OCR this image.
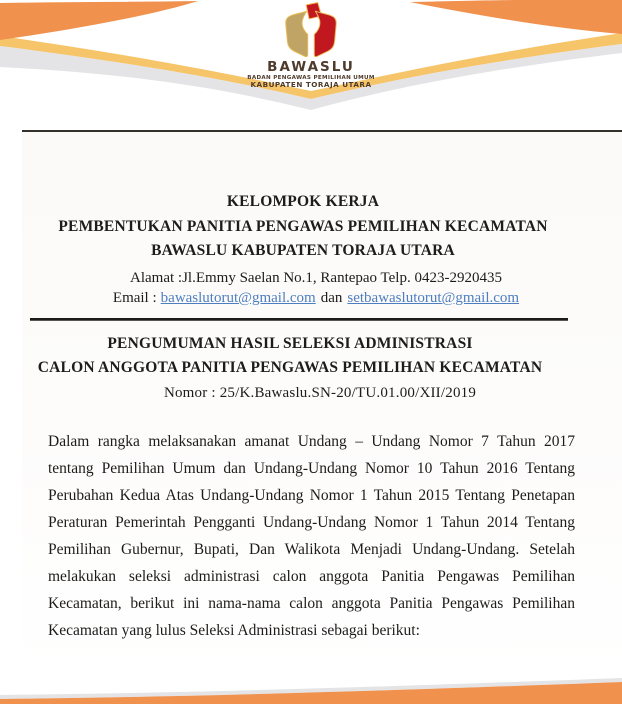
BAWASLU
BADAN PENGAWAS PEMILIHAN UMUM
KABUPATEN TORAJA UTARA
KELOMPOK KERJA
PEMBENTUKAN PANITIA PENGAWAS PEMILIHAN KECAMATAN
BAWASLU KABUPATEN TORAJA UTARA
Alamat :Jl.Emmy Saelan No.1, Rantepao Telp. 0423-2920435
Email : bawaslutorut@gmail.com dan setbawaslutorut@gmail.com
PENGUMUMAN HASIL SELEKSI ADMINISTRASI
CALON ANGGOTA PANITIA PENGAWAS PEMILIHAN KECAMATAN
Nomor : 25/K.Bawaslu.SN-20/TU.01.00/XII/2019
Dalam rangka melaksanakan amanat Undang – Undang Nomor 7 Tahun 2017 tentang Pemilihan Umum dan Undang-Undang Nomor 10 Tahun 2016 Tentang Perubahan Kedua Atas Undang-Undang Nomor 1 Tahun 2015 Tentang Penetapan Peraturan Pemerintah Pengganti Undang-Undang Nomor 1 Tahun 2014 Tentang Pemilihan Gubernur, Bupati, Dan Walikota Menjadi Undang-Undang. Setelah melakukan seleksi administrasi calon anggota Panitia Pengawas Pemilihan Kecamatan, berikut ini nama-nama calon anggota Panitia Pengawas Pemilihan Kecamatan yang lulus Seleksi Administrasi sebagai berikut:
